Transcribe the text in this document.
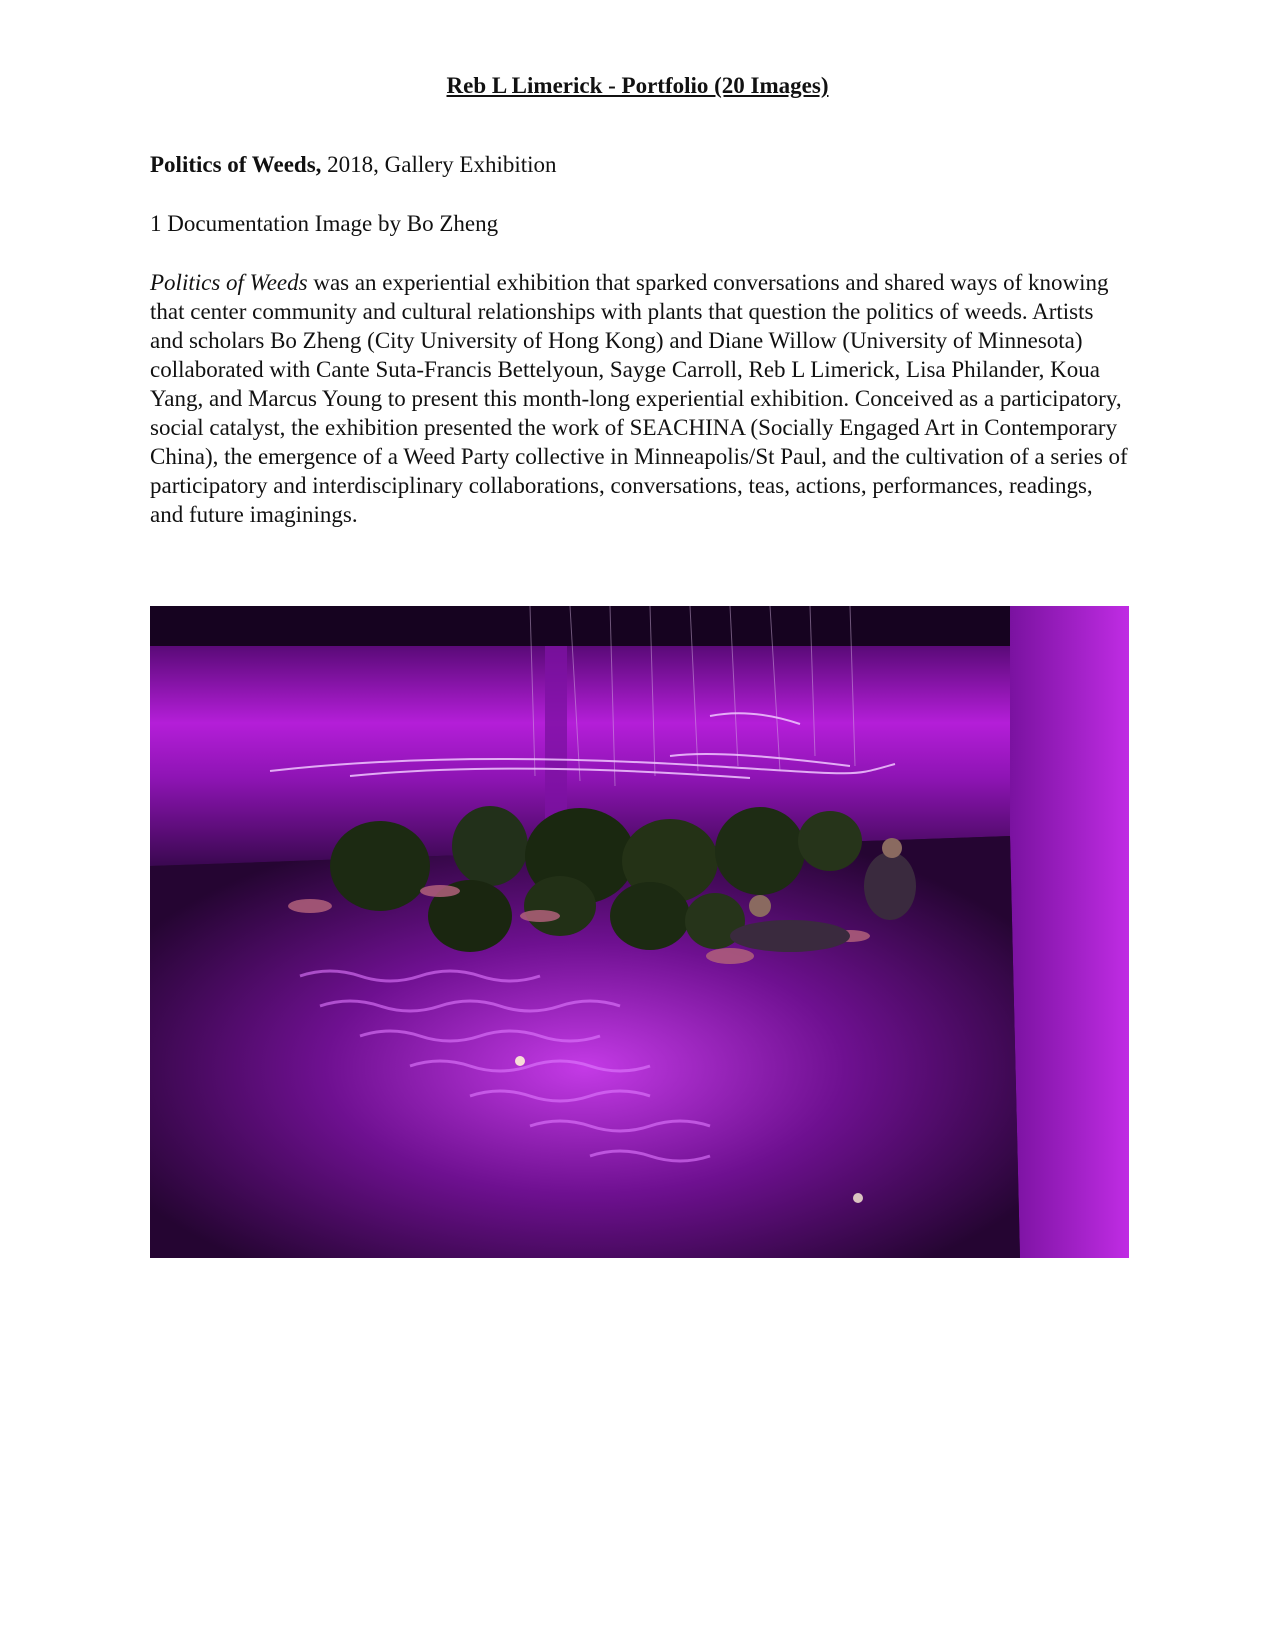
Reb L Limerick - Portfolio (20 Images)

Politics of Weeds, 2018, Gallery Exhibition

1 Documentation Image by Bo Zheng

Politics of Weeds was an experiential exhibition that sparked conversations and shared ways of knowing that center community and cultural relationships with plants that question the politics of weeds. Artists and scholars Bo Zheng (City University of Hong Kong) and Diane Willow (University of Minnesota) collaborated with Cante Suta-Francis Bettelyoun, Sayge Carroll, Reb L Limerick, Lisa Philander, Koua Yang, and Marcus Young to present this month-long experiential exhibition. Conceived as a participatory, social catalyst, the exhibition presented the work of SEACHINA (Socially Engaged Art in Contemporary China), the emergence of a Weed Party collective in Minneapolis/St Paul, and the cultivation of a series of participatory and interdisciplinary collaborations, conversations, teas, actions, performances, readings, and future imaginings.
